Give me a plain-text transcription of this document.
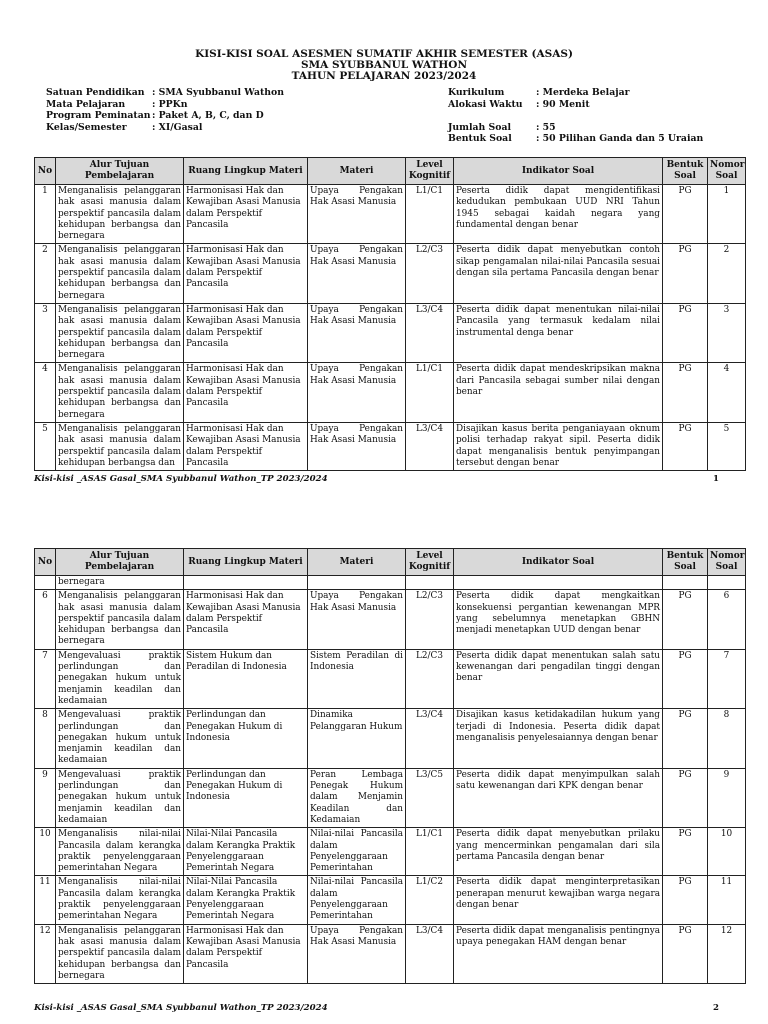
KISI-KISI SOAL ASESMEN SUMATIF AKHIR SEMESTER (ASAS)
SMA SYUBBANUL WATHON
TAHUN PELAJARAN 2023/2024
Satuan Pendidikan : SMA Syubbanul Wathon
Mata Pelajaran	: PPKn
Program Peminatan : Paket A, B, C, dan D
Kelas/Semester	: XI/Gasal
Kurikulum	: Merdeka Belajar
Alokasi Waktu	: 90 Menit
Jumlah Soal	: 55
Bentuk Soal	: 50 Pilihan Ganda dan 5 Uraian
No	Alur Tujuan Pembelajaran	Ruang Lingkup Materi	Materi	Level Kognitif	Indikator Soal	Bentuk Soal	Nomor Soal
1	Menganalisis pelanggaran hak asasi manusia dalam perspektif pancasila dalam kehidupan berbangsa dan bernegara	Harmonisasi Hak dan Kewajiban Asasi Manusia dalam Perspektif Pancasila	Upaya Pengakan Hak Asasi Manusia	L1/C1	Peserta didik dapat mengidentifikasi kedudukan pembukaan UUD NRI Tahun 1945 sebagai kaidah negara yang fundamental dengan benar	PG	1
2	Menganalisis pelanggaran hak asasi manusia dalam perspektif pancasila dalam kehidupan berbangsa dan bernegara	Harmonisasi Hak dan Kewajiban Asasi Manusia dalam Perspektif Pancasila	Upaya Pengakan Hak Asasi Manusia	L2/C3	Peserta didik dapat menyebutkan contoh sikap pengamalan nilai-nilai Pancasila sesuai dengan sila pertama Pancasila dengan benar	PG	2
3	Menganalisis pelanggaran hak asasi manusia dalam perspektif pancasila dalam kehidupan berbangsa dan bernegara	Harmonisasi Hak dan Kewajiban Asasi Manusia dalam Perspektif Pancasila	Upaya Pengakan Hak Asasi Manusia	L3/C4	Peserta didik dapat menentukan nilai-nilai Pancasila yang termasuk kedalam nilai instrumental denga benar	PG	3
4	Menganalisis pelanggaran hak asasi manusia dalam perspektif pancasila dalam kehidupan berbangsa dan bernegara	Harmonisasi Hak dan Kewajiban Asasi Manusia dalam Perspektif Pancasila	Upaya Pengakan Hak Asasi Manusia	L1/C1	Peserta didik dapat mendeskripsikan makna dari Pancasila sebagai sumber nilai dengan benar	PG	4
5	Menganalisis pelanggaran hak asasi manusia dalam perspektif pancasila dalam kehidupan berbangsa dan	Harmonisasi Hak dan Kewajiban Asasi Manusia dalam Perspektif Pancasila	Upaya Pengakan Hak Asasi Manusia	L3/C4	Disajikan kasus berita penganiayaan oknum polisi terhadap rakyat sipil. Peserta didik dapat menganalisis bentuk penyimpangan tersebut dengan benar	PG	5
Kisi-kisi _ASAS Gasal_SMA Syubbanul Wathon_TP 2023/2024	1
No	Alur Tujuan Pembelajaran	Ruang Lingkup Materi	Materi	Level Kognitif	Indikator Soal	Bentuk Soal	Nomor Soal
	bernegara						
6	Menganalisis pelanggaran hak asasi manusia dalam perspektif pancasila dalam kehidupan berbangsa dan bernegara	Harmonisasi Hak dan Kewajiban Asasi Manusia dalam Perspektif Pancasila	Upaya Pengakan Hak Asasi Manusia	L2/C3	Peserta didik dapat mengkaitkan konsekuensi pergantian kewenangan MPR yang sebelumnya menetapkan GBHN menjadi menetapkan UUD dengan benar	PG	6
7	Mengevaluasi praktik perlindungan dan penegakan hukum untuk menjamin keadilan dan kedamaian	Sistem Hukum dan Peradilan di Indonesia	Sistem Peradilan di Indonesia	L2/C3	Peserta didik dapat menentukan salah satu kewenangan dari pengadilan tinggi dengan benar	PG	7
8	Mengevaluasi praktik perlindungan dan penegakan hukum untuk menjamin keadilan dan kedamaian	Perlindungan dan Penegakan Hukum di Indonesia	Dinamika Pelanggaran Hukum	L3/C4	Disajikan kasus ketidakadilan hukum yang terjadi di Indonesia. Peserta didik dapat menganalisis penyelesaiannya dengan benar	PG	8
9	Mengevaluasi praktik perlindungan dan penegakan hukum untuk menjamin keadilan dan kedamaian	Perlindungan dan Penegakan Hukum di Indonesia	Peran Lembaga Penegak Hukum dalam Menjamin Keadilan dan Kedamaian	L3/C5	Peserta didik dapat menyimpulkan salah satu kewenangan dari KPK dengan benar	PG	9
10	Menganalisis nilai-nilai Pancasila dalam kerangka praktik penyelenggaraan pemerintahan Negara	Nilai-Nilai Pancasila dalam Kerangka Praktik Penyelenggaraan Pemerintah Negara	Nilai-nilai Pancasila dalam Penyelenggaraan Pemerintahan	L1/C1	Peserta didik dapat menyebutkan prilaku yang mencerminkan pengamalan dari sila pertama Pancasila dengan benar	PG	10
11	Menganalisis nilai-nilai Pancasila dalam kerangka praktik penyelenggaraan pemerintahan Negara	Nilai-Nilai Pancasila dalam Kerangka Praktik Penyelenggaraan Pemerintah Negara	Nilai-nilai Pancasila dalam Penyelenggaraan Pemerintahan	L1/C2	Peserta didik dapat menginterpretasikan penerapan menurut kewajiban warga negara dengan benar	PG	11
12	Menganalisis pelanggaran hak asasi manusia dalam perspektif pancasila dalam kehidupan berbangsa dan bernegara	Harmonisasi Hak dan Kewajiban Asasi Manusia dalam Perspektif Pancasila	Upaya Pengakan Hak Asasi Manusia	L3/C4	Peserta didik dapat menganalisis pentingnya upaya penegakan HAM dengan benar	PG	12
Kisi-kisi _ASAS Gasal_SMA Syubbanul Wathon_TP 2023/2024	2
